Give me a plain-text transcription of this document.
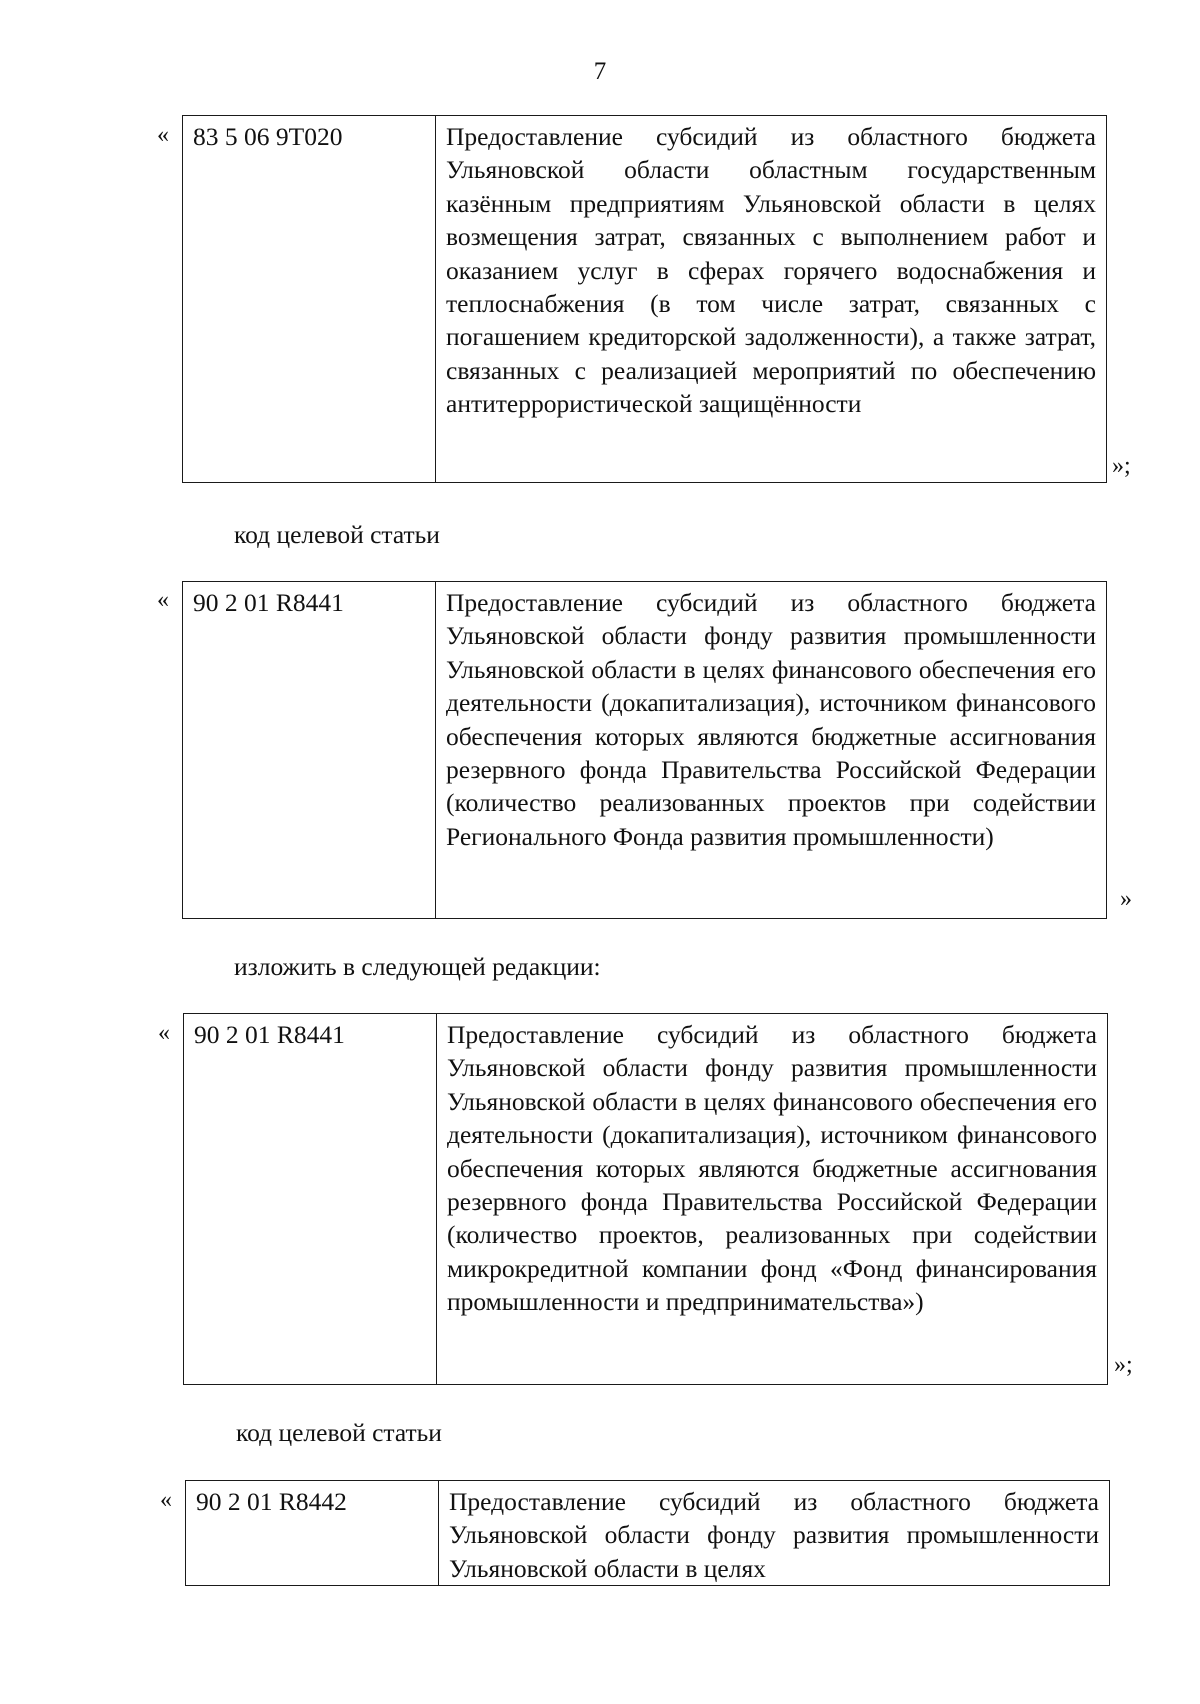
7
« 83 5 06 9Т020	Предоставление субсидий из областного бюджета Ульяновской области областным государственным казённым предприятиям Ульяновской области в целях возмещения затрат, связанных с выполнением работ и оказанием услуг в сферах горячего водоснабжения и теплоснабжения (в том числе затрат, связанных с погашением кредиторской задолженности), а также затрат, связанных с реализацией мероприятий по обеспечению антитеррористической защищённости
»;
код целевой статьи
« 90 2 01 R8441	Предоставление субсидий из областного бюджета Ульяновской области фонду развития промышленности Ульяновской области в целях финансового обеспечения его деятельности (докапитализация), источником финансового обеспечения которых являются бюджетные ассигнования резервного фонда Правительства Российской Федерации (количество реализованных проектов при содействии Регионального Фонда развития промышленности)
»
изложить в следующей редакции:
« 90 2 01 R8441	Предоставление субсидий из областного бюджета Ульяновской области фонду развития промышленности Ульяновской области в целях финансового обеспечения его деятельности (докапитализация), источником финансового обеспечения которых являются бюджетные ассигнования резервного фонда Правительства Российской Федерации (количество проектов, реализованных при содействии микрокредитной компании фонд «Фонд финансирования промышленности и предпринимательства»)
»;
код целевой статьи
« 90 2 01 R8442	Предоставление субсидий из областного бюджета Ульяновской области фонду развития промышленности Ульяновской области в целях
